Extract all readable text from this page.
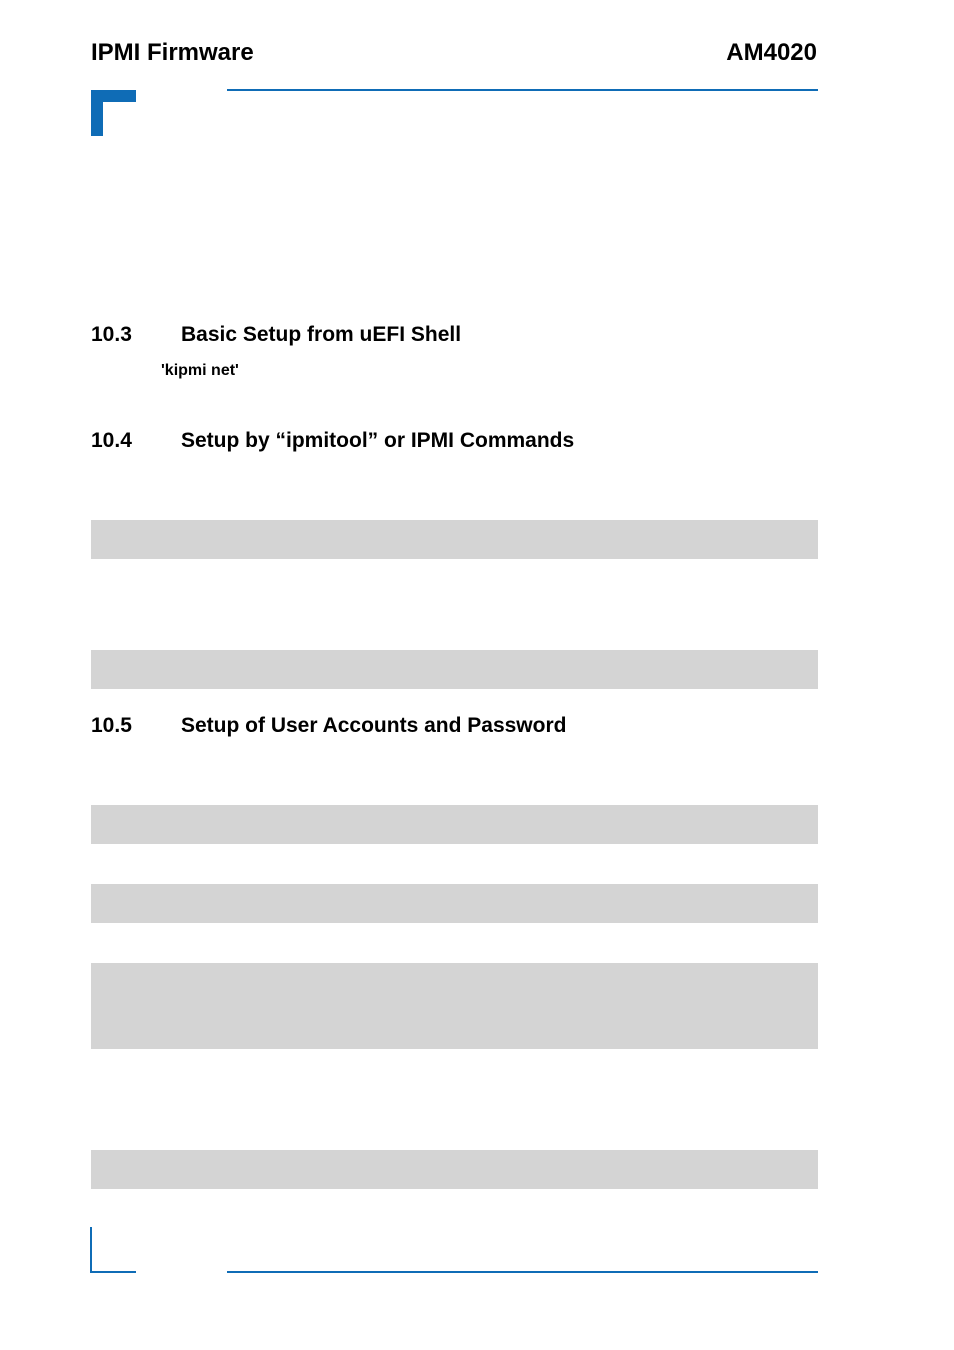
IPMI Firmware	AM4020
10.3 Basic Setup from uEFI Shell
'kipmi net'
10.4 Setup by “ipmitool” or IPMI Commands
10.5 Setup of User Accounts and Password
